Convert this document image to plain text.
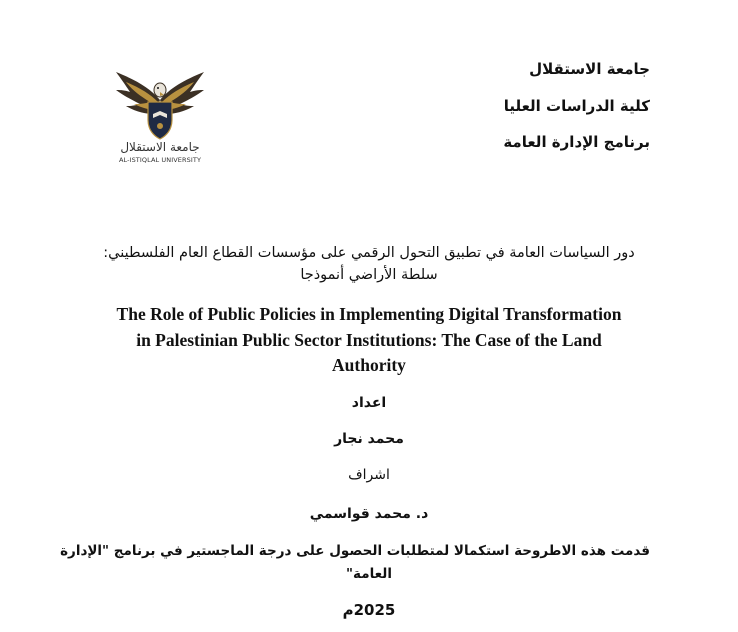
جامعة الاستقلال
كلية الدراسات العليا
برنامج الإدارة العامة
جامعة الاستقلال
AL-ISTIQLAL UNIVERSITY
دور السياسات العامة في تطبيق التحول الرقمي على مؤسسات القطاع العام الفلسطيني:
سلطة الأراضي أنموذجا
The Role of Public Policies in Implementing Digital Transformation
in Palestinian Public Sector Institutions: The Case of the Land
Authority
اعداد
محمد نجار
اشراف
د. محمد قواسمي
قدمت هذه الاطروحة استكمالا لمتطلبات الحصول على درجة الماجستير في برنامج "الإدارة
العامة"
2025م
